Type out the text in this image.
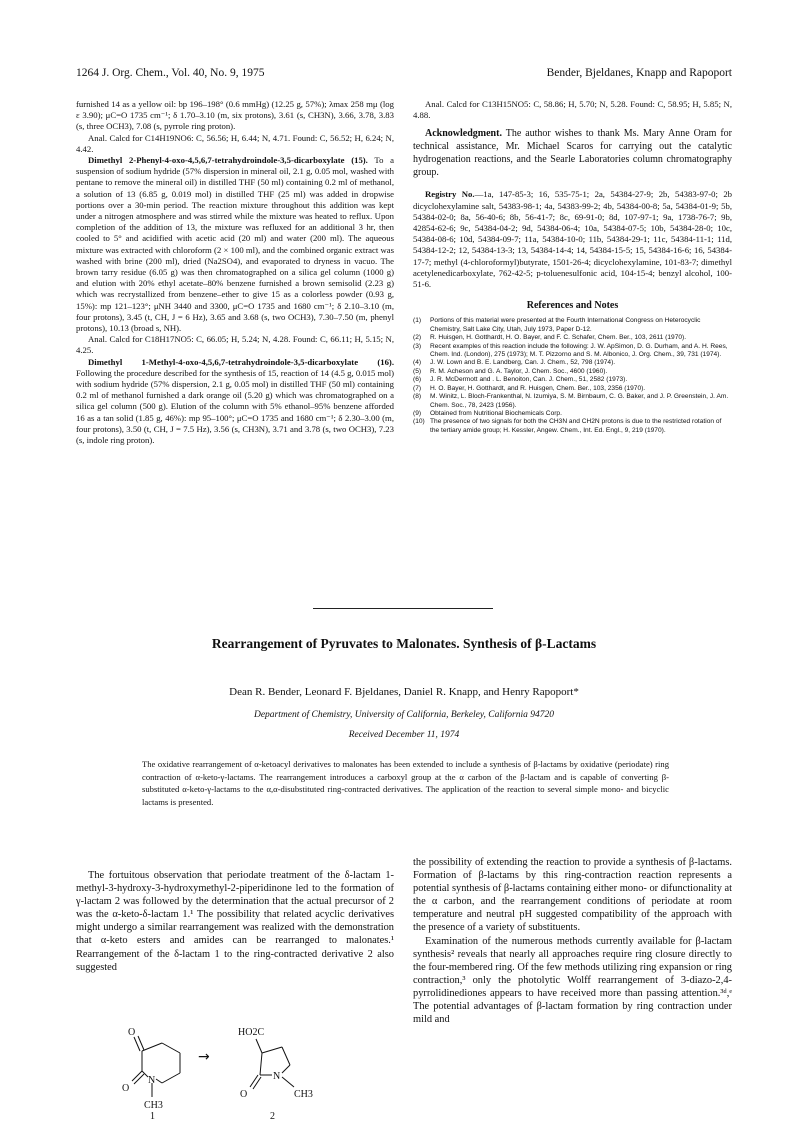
1264 J. Org. Chem., Vol. 40, No. 9, 1975	Bender, Bjeldanes, Knapp and Rapoport

furnished 14 as a yellow oil: bp 196–198° (0.6 mmHg) (12.25 g, 57%); λmax 258 mμ (log ε 3.90); μC=O 1735 cm⁻¹; δ 1.70–3.10 (m, six protons), 3.61 (s, CH3N), 3.66, 3.78, 3.83 (s, three OCH3), 7.08 (s, pyrrole ring proton).

Anal. Calcd for C14H19NO6: C, 56.56; H, 6.44; N, 4.71. Found: C, 56.52; H, 6.24; N, 4.42.

Dimethyl 2-Phenyl-4-oxo-4,5,6,7-tetrahydroindole-3,5-dicarboxylate (15). To a suspension of sodium hydride (57% dispersion in mineral oil, 2.1 g, 0.05 mol, washed with pentane to remove the mineral oil) in distilled THF (50 ml) containing 0.2 ml of methanol, a solution of 13 (6.85 g, 0.019 mol) in distilled THF (25 ml) was added in dropwise portions over a 30-min period. The reaction mixture throughout this addition was kept under a nitrogen atmosphere and was stirred while the mixture was heated to reflux. Upon completion of the addition of 13, the mixture was refluxed for an additional 3 hr, then cooled to 5° and acidified with acetic acid (20 ml) and water (200 ml). The aqueous mixture was extracted with chloroform (2 × 100 ml), and the combined organic extract was washed with brine (200 ml), dried (Na2SO4), and evaporated to dryness in vacuo. The brown tarry residue (6.05 g) was then chromatographed on a silica gel column (1000 g) and elution with 20% ethyl acetate–80% benzene furnished a brown semisolid (2.23 g) which was recrystallized from benzene–ether to give 15 as a colorless powder (0.93 g, 15%): mp 121–123°; μNH 3440 and 3300, μC=O 1735 and 1680 cm⁻¹; δ 2.10–3.10 (m, four protons), 3.45 (t, CH, J = 6 Hz), 3.65 and 3.68 (s, two OCH3), 7.30–7.50 (m, phenyl protons), 10.13 (broad s, NH).

Anal. Calcd for C18H17NO5: C, 66.05; H, 5.24; N, 4.28. Found: C, 66.11; H, 5.15; N, 4.25.

Dimethyl 1-Methyl-4-oxo-4,5,6,7-tetrahydroindole-3,5-dicarboxylate (16). Following the procedure described for the synthesis of 15, reaction of 14 (4.5 g, 0.015 mol) with sodium hydride (57% dispersion, 2.1 g, 0.05 mol) in distilled THF (50 ml) containing 0.2 ml of methanol furnished a dark orange oil (5.20 g) which was chromatographed on a silica gel column (500 g). Elution of the column with 5% ethanol–95% benzene afforded 16 as a tan solid (1.85 g, 46%): mp 95–100°; μC=O 1735 and 1680 cm⁻¹; δ 2.30–3.00 (m, four protons), 3.50 (t, CH, J = 7.5 Hz), 3.56 (s, CH3N), 3.71 and 3.78 (s, two OCH3), 7.23 (s, indole ring proton).

Anal. Calcd for C13H15NO5: C, 58.86; H, 5.70; N, 5.28. Found: C, 58.95; H, 5.85; N, 4.88.

Acknowledgment. The author wishes to thank Ms. Mary Anne Oram for technical assistance, Mr. Michael Scaros for carrying out the catalytic hydrogenation reactions, and the Searle Laboratories column chromatography group.

Registry No.—1a, 147-85-3; 16, 535-75-1; 2a, 54384-27-9; 2b, 54383-97-0; 2b dicyclohexylamine salt, 54383-98-1; 4a, 54383-99-2; 4b, 54384-00-8; 5a, 54384-01-9; 5b, 54384-02-0; 8a, 56-40-6; 8b, 56-41-7; 8c, 69-91-0; 8d, 107-97-1; 9a, 1738-76-7; 9b, 42854-62-6; 9c, 54384-04-2; 9d, 54384-06-4; 10a, 54384-07-5; 10b, 54384-28-0; 10c, 54384-08-6; 10d, 54384-09-7; 11a, 54384-10-0; 11b, 54384-29-1; 11c, 54384-11-1; 11d, 54384-12-2; 12, 54384-13-3; 13, 54384-14-4; 14, 54384-15-5; 15, 54384-16-6; 16, 54384-17-7; methyl (4-chloroformyl)butyrate, 1501-26-4; dicyclohexylamine, 101-83-7; dimethyl acetylenedicarboxylate, 762-42-5; p-toluenesulfonic acid, 104-15-4; benzyl alcohol, 100-51-6.

References and Notes

(1) Portions of this material were presented at the Fourth International Congress on Heterocyclic Chemistry, Salt Lake City, Utah, July 1973, Paper D-12.

(2) R. Huisgen, H. Gotthardt, H. O. Bayer, and F. C. Schafer, Chem. Ber., 103, 2611 (1970).

(3) Recent examples of this reaction include the following: J. W. ApSimon, D. G. Durham, and A. H. Rees, Chem. Ind. (London), 275 (1973); M. T. Pizzorno and S. M. Albonico, J. Org. Chem., 39, 731 (1974).

(4) J. W. Lown and B. E. Landberg, Can. J. Chem., 52, 798 (1974).

(5) R. M. Acheson and G. A. Taylor, J. Chem. Soc., 4600 (1960).

(6) J. R. McDermott and . L. Benoiton, Can. J. Chem., 51, 2582 (1973).

(7) H. O. Bayer, H. Gotthardt, and R. Huisgen, Chem. Ber., 103, 2356 (1970).

(8) M. Winitz, L. Bloch-Frankenthal, N. Izumiya, S. M. Birnbaum, C. G. Baker, and J. P. Greenstein, J. Am. Chem. Soc., 78, 2423 (1956).

(9) Obtained from Nutritional Biochemicals Corp.

(10) The presence of two signals for both the CH3N and CH2N protons is due to the restricted rotation of the tertiary amide group; H. Kessler, Angew. Chem., Int. Ed. Engl., 9, 219 (1970).

Rearrangement of Pyruvates to Malonates. Synthesis of β-Lactams
Dean R. Bender, Leonard F. Bjeldanes, Daniel R. Knapp, and Henry Rapoport*
Department of Chemistry, University of California, Berkeley, California 94720
Received December 11, 1974
The oxidative rearrangement of α-ketoacyl derivatives to malonates has been extended to include a synthesis of β-lactams by oxidative (periodate) ring contraction of α-keto-γ-lactams. The rearrangement introduces a carboxyl group at the α carbon of the β-lactam and is capable of converting β-substituted α-keto-γ-lactams to the α,α-disubstituted ring-contracted derivatives. The application of the reaction to several simple mono- and bicyclic lactams is presented.

The fortuitous observation that periodate treatment of the δ-lactam 1-methyl-3-hydroxy-3-hydroxymethyl-2-piperidinone led to the formation of γ-lactam 2 was followed by the determination that the actual precursor of 2 was the α-keto-δ-lactam 1.¹ The possibility that related acyclic derivatives might undergo a similar rearrangement was realized with the demonstration that α-keto esters and amides can be rearranged to malonates.¹ Rearrangement of the δ-lactam 1 to the ring-contracted derivative 2 also suggested

the possibility of extending the reaction to provide a synthesis of β-lactams. Formation of β-lactams by this ring-contraction reaction represents a potential synthesis of β-lactams containing either mono- or difunctionality at the α carbon, and the rearrangement conditions of periodate at room temperature and neutral pH suggested compatibility of the approach with the presence of a variety of substituents.

Examination of the numerous methods currently available for β-lactam synthesis² reveals that nearly all approaches require ring closure directly to the four-membered ring. Of the few methods utilizing ring expansion or ring contraction,³ only the photolytic Wolff rearrangement of 3-diazo-2,4-pyrrolidinediones appears to have received more than passing attention.³ᵈ,ᵉ The potential advantages of β-lactam formation by ring contraction under mild and

O
O
N
CH3
1
→
HO2C
O
N
CH3
2
